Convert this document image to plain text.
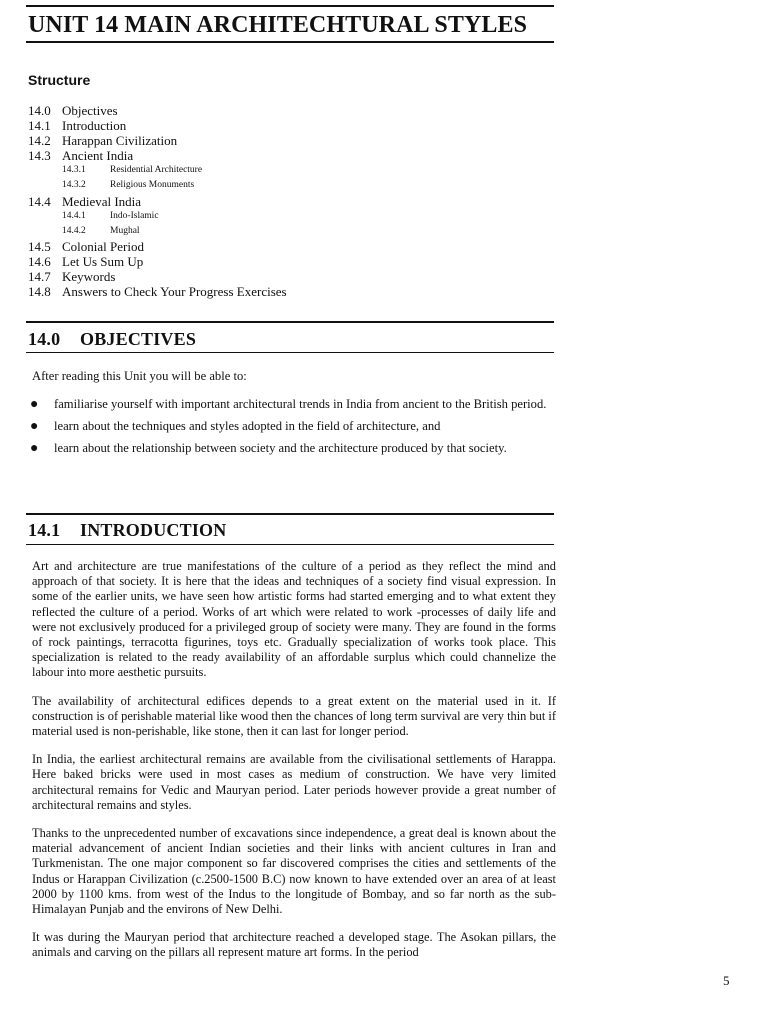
UNIT 14 MAIN ARCHITECHTURAL STYLES
Structure
14.0 Objectives
14.1 Introduction
14.2 Harappan Civilization
14.3 Ancient India
14.3.1	Residential Architecture
14.3.2	Religious Monuments
14.4 Medieval India
14.4.1	Indo-Islamic
14.4.2	Mughal
14.5 Colonial Period
14.6 Let Us Sum Up
14.7 Keywords
14.8 Answers to Check Your Progress Exercises
14.0 OBJECTIVES
After reading this Unit you will be able to:
●	familiarise yourself with important architectural trends in India from ancient to the British period.
●	learn about the techniques and styles adopted in the field of architecture, and
●	learn about the relationship between society and the architecture produced by that society.
14.1 INTRODUCTION

Art and architecture are true manifestations of the culture of a period as they reflect the mind and approach of that society. It is here that the ideas and techniques of a society find visual expression. In some of the earlier units, we have seen how artistic forms had started emerging and to what extent they reflected the culture of a period. Works of art which were related to work -processes of daily life and were not exclusively produced for a privileged group of society were many. They are found in the forms of rock paintings, terracotta figurines, toys etc. Gradually specialization of works took place. This specialization is related to the ready availability of an affordable surplus which could channelize the labour into more aesthetic pursuits.

The availability of architectural edifices depends to a great extent on the material used in it. If construction is of perishable material like wood then the chances of long term survival are very thin but if material used is non-perishable, like stone, then it can last for longer period.

In India, the earliest architectural remains are available from the civilisational settlements of Harappa. Here baked bricks were used in most cases as medium of construction. We have very limited architectural remains for Vedic and Mauryan period. Later periods however provide a great number of architectural remains and styles.

Thanks to the unprecedented number of excavations since independence, a great deal is known about the material advancement of ancient Indian societies and their links with ancient cultures in Iran and Turkmenistan. The one major component so far discovered comprises the cities and settlements of the Indus or Harappan Civilization (c.2500-1500 B.C) now known to have extended over an area of at least 2000 by 1100 kms. from west of the Indus to the longitude of Bombay, and so far north as the sub-Himalayan Punjab and the environs of New Delhi.

It was during the Mauryan period that architecture reached a developed stage. The Asokan pillars, the animals and carving on the pillars all represent mature art forms. In the period

5
